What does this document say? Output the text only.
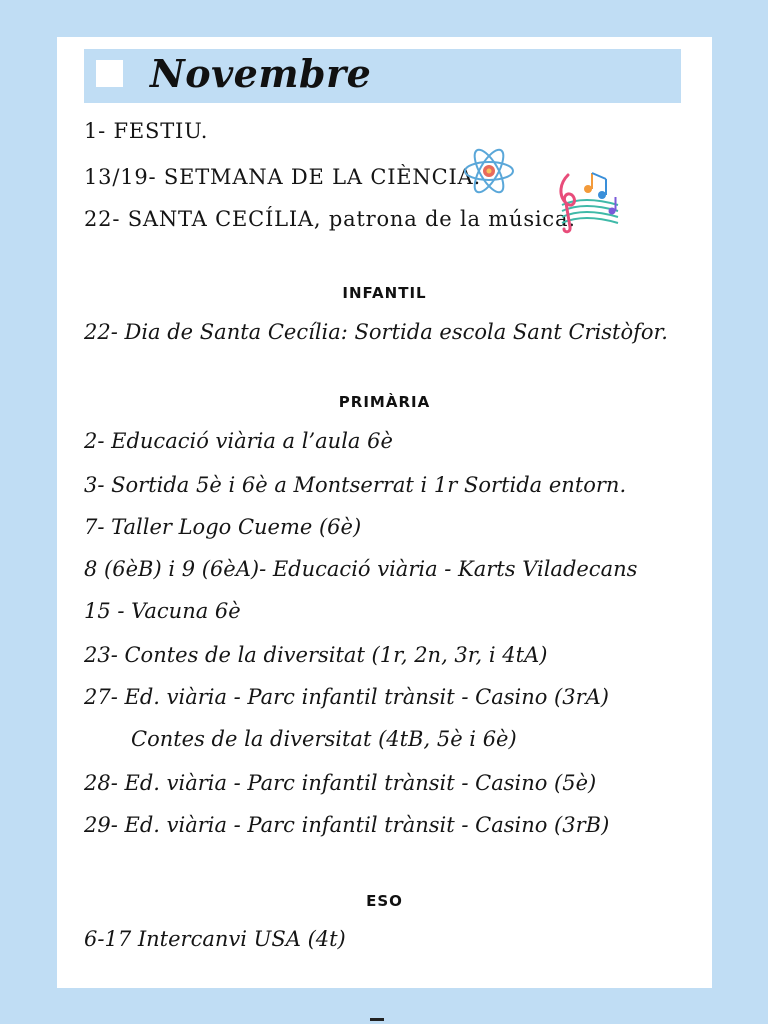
Novembre
1- FESTIU.
13/19- SETMANA DE LA CIÈNCIA.
22- SANTA CECÍLIA, patrona de la música.
INFANTIL
22- Dia de Santa Cecília: Sortida escola Sant Cristòfor.
PRIMÀRIA
2- Educació viària a l’aula 6è
3- Sortida 5è i 6è a Montserrat i 1r Sortida entorn.
7- Taller Logo Cueme (6è)
8 (6èB) i 9 (6èA)- Educació viària - Karts Viladecans
15 - Vacuna 6è
23- Contes de la diversitat (1r, 2n, 3r, i 4tA)
27- Ed. viària - Parc infantil trànsit - Casino (3rA)
Contes de la diversitat (4tB, 5è i 6è)
28- Ed. viària - Parc infantil trànsit - Casino (5è)
29- Ed. viària - Parc infantil trànsit - Casino (3rB)
ESO
6-17 Intercanvi USA (4t)
